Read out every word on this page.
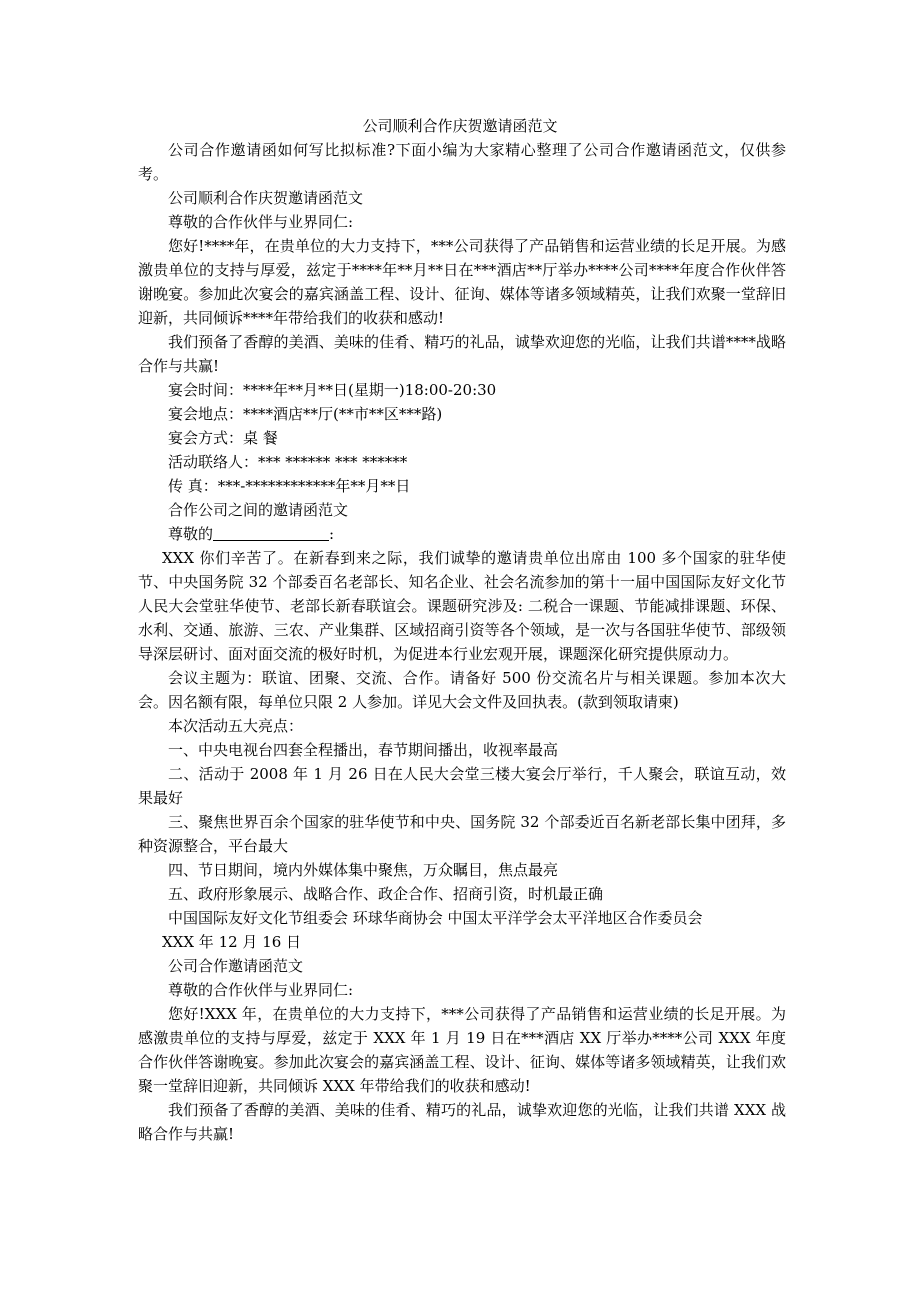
公司顺利合作庆贺邀请函范文

公司合作邀请函如何写比拟标准?下面小编为大家精心整理了公司合作邀请函范文，仅供参考。

公司顺利合作庆贺邀请函范文

尊敬的合作伙伴与业界同仁:

您好!****年，在贵单位的大力支持下，***公司获得了产品销售和运营业绩的长足开展。为感激贵单位的支持与厚爱，兹定于****年**月**日在***酒店**厅举办****公司****年度合作伙伴答谢晚宴。参加此次宴会的嘉宾涵盖工程、设计、征询、媒体等诸多领域精英，让我们欢聚一堂辞旧迎新，共同倾诉****年带给我们的收获和感动!

我们预备了香醇的美酒、美味的佳肴、精巧的礼品，诚挚欢迎您的光临，让我们共谱****战略合作与共赢!

宴会时间：****年**月**日(星期一)18:00-20:30

宴会地点：****酒店**厅(**市**区***路)

宴会方式：桌 餐

活动联络人：*** ****** *** ******

传 真：***-************年**月**日

合作公司之间的邀请函范文

尊敬的	:

XXX 你们辛苦了。在新春到来之际，我们诚挚的邀请贵单位出席由 100 多个国家的驻华使节、中央国务院 32 个部委百名老部长、知名企业、社会名流参加的第十一届中国国际友好文化节人民大会堂驻华使节、老部长新春联谊会。课题研究涉及: 二税合一课题、节能减排课题、环保、水利、交通、旅游、三农、产业集群、区域招商引资等各个领域，是一次与各国驻华使节、部级领导深层研讨、面对面交流的极好时机，为促进本行业宏观开展，课题深化研究提供原动力。

会议主题为：联谊、团聚、交流、合作。请备好 500 份交流名片与相关课题。参加本次大会。因名额有限，每单位只限 2 人参加。详见大会文件及回执表。(款到领取请柬)

本次活动五大亮点：

一、中央电视台四套全程播出，春节期间播出，收视率最高

二、活动于 2008 年 1 月 26 日在人民大会堂三楼大宴会厅举行，千人聚会，联谊互动，效果最好

三、聚焦世界百余个国家的驻华使节和中央、国务院 32 个部委近百名新老部长集中团拜，多种资源整合，平台最大

四、节日期间，境内外媒体集中聚焦，万众瞩目，焦点最亮

五、政府形象展示、战略合作、政企合作、招商引资，时机最正确

中国国际友好文化节组委会 环球华商协会 中国太平洋学会太平洋地区合作委员会

XXX 年 12 月 16 日

公司合作邀请函范文

尊敬的合作伙伴与业界同仁:

您好!XXX 年，在贵单位的大力支持下，***公司获得了产品销售和运营业绩的长足开展。为感激贵单位的支持与厚爱，兹定于 XXX 年 1 月 19 日在***酒店 XX 厅举办****公司 XXX 年度合作伙伴答谢晚宴。参加此次宴会的嘉宾涵盖工程、设计、征询、媒体等诸多领域精英，让我们欢聚一堂辞旧迎新，共同倾诉 XXX 年带给我们的收获和感动!

我们预备了香醇的美酒、美味的佳肴、精巧的礼品，诚挚欢迎您的光临，让我们共谱 XXX 战略合作与共赢!
